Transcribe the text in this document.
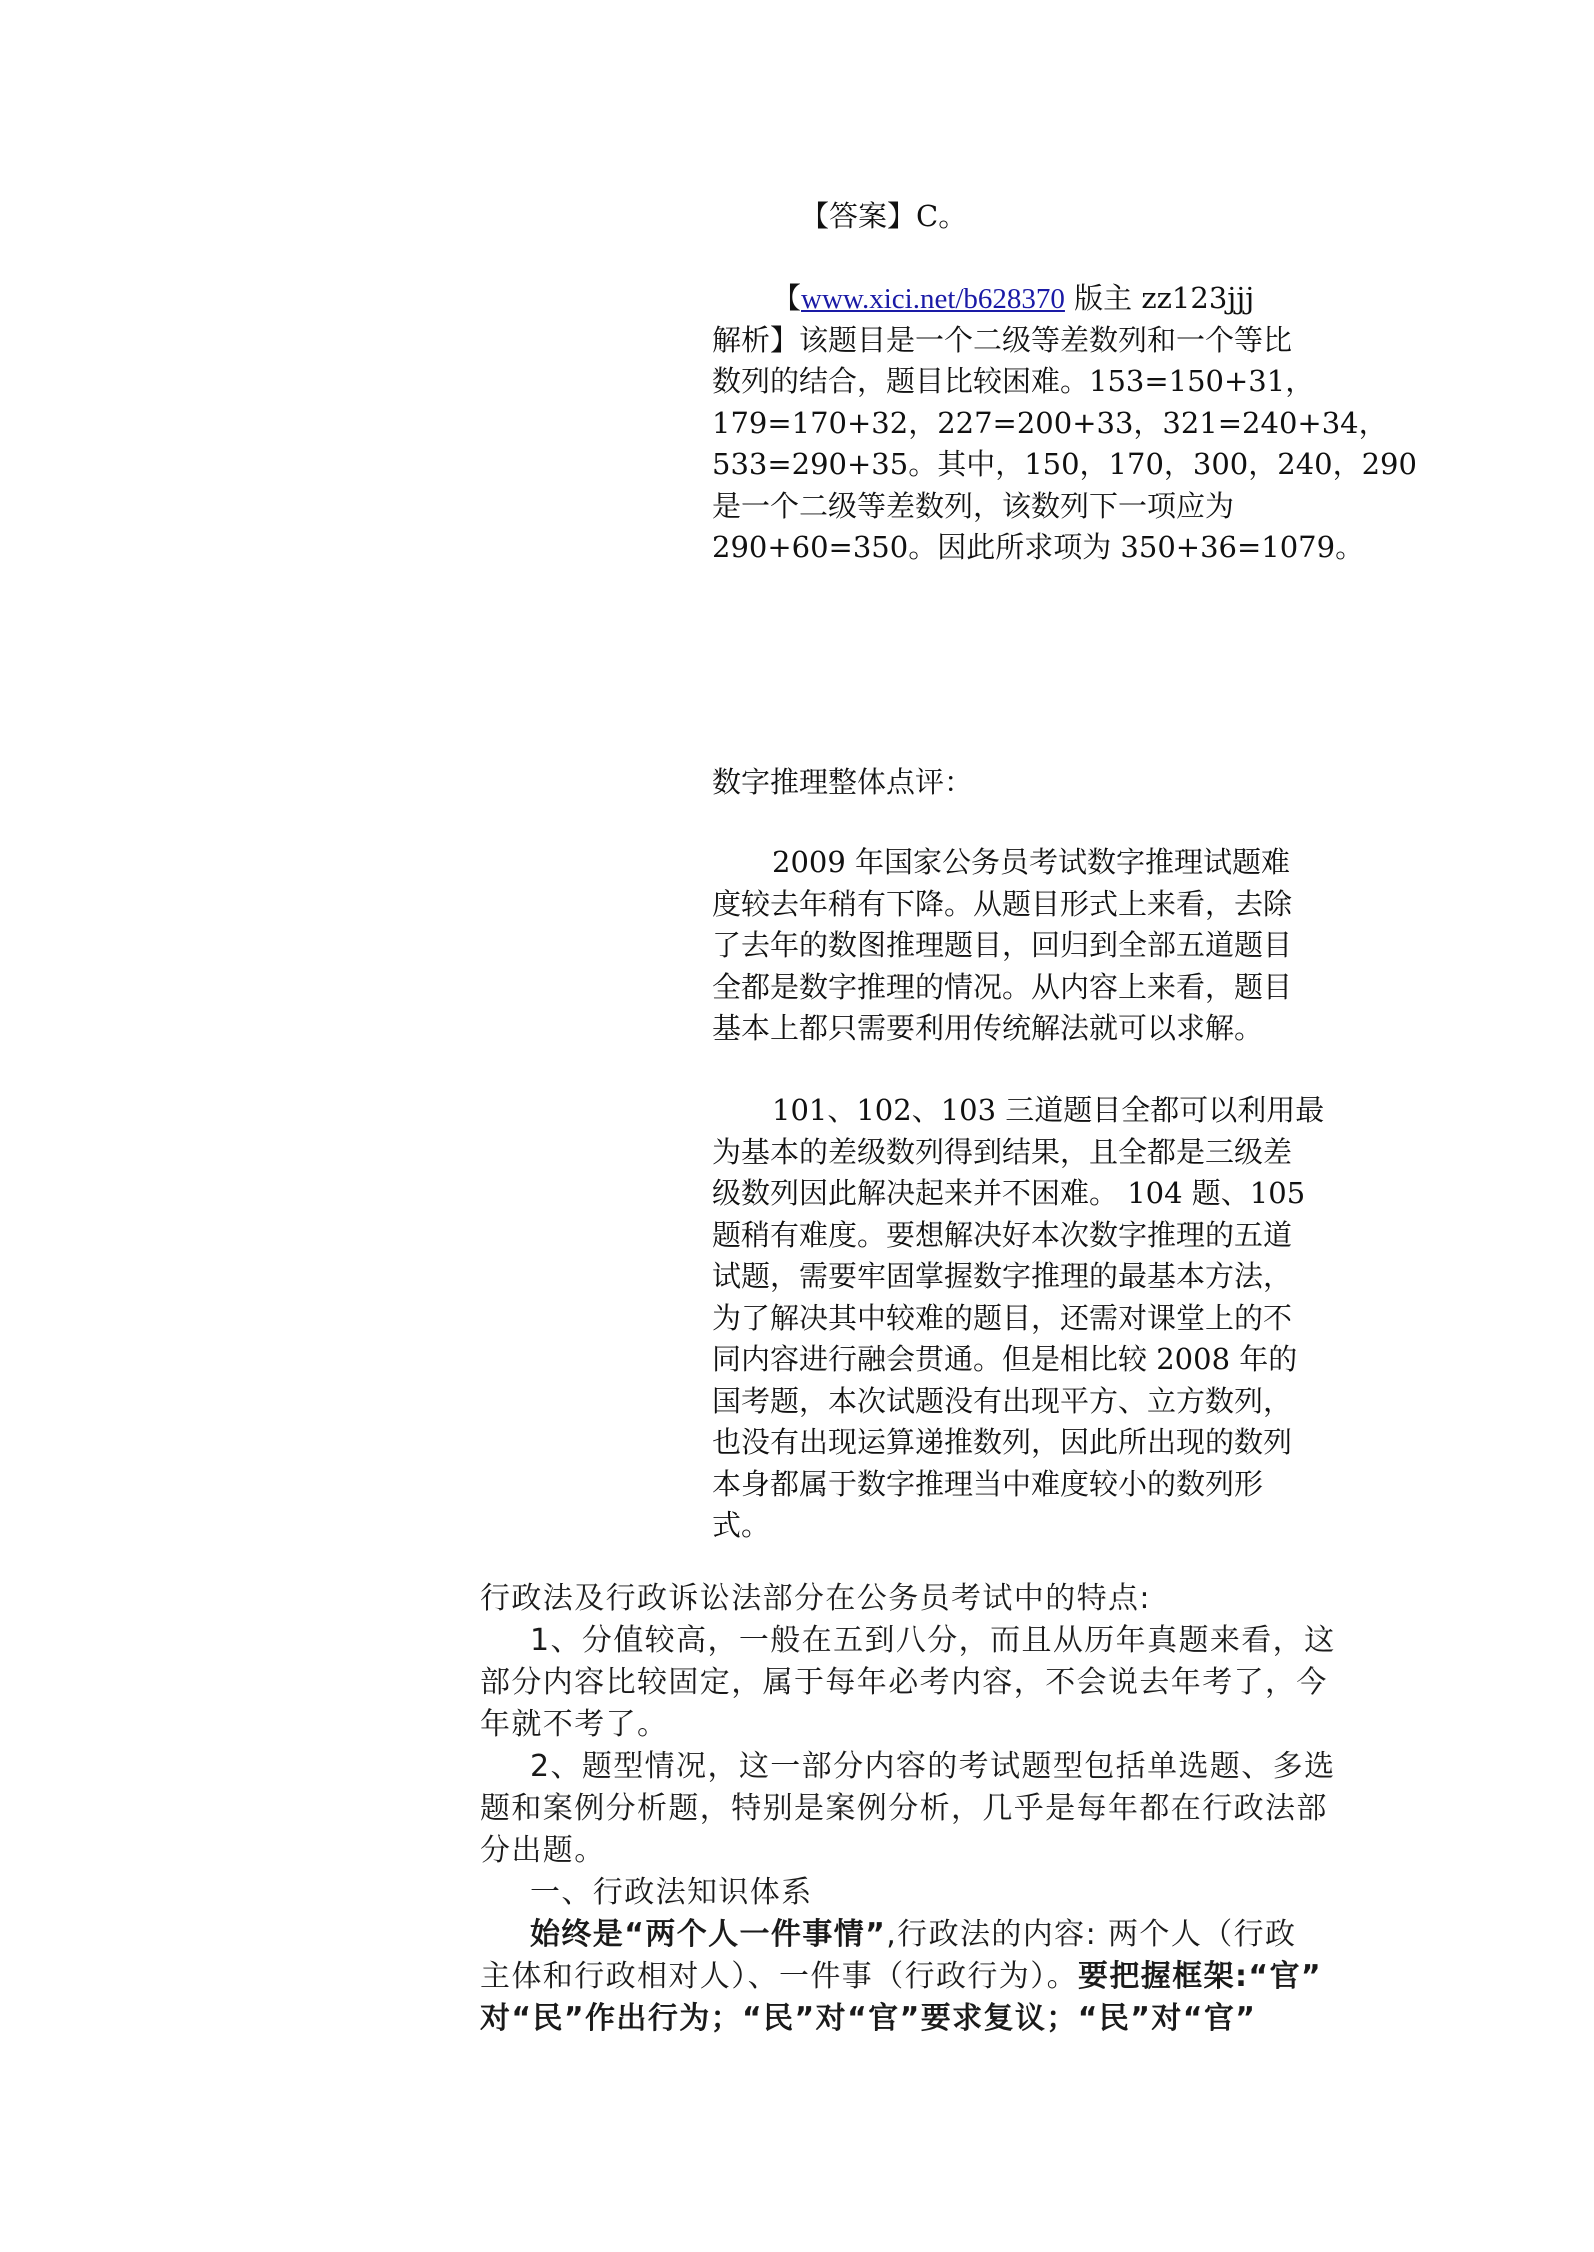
【答案】C。
【www.xici.net/b628370 版主 zz123jjj
解析】该题目是一个二级等差数列和一个等比
数列的结合，题目比较困难。153=150+31，
179=170+32，227=200+33，321=240+34，
533=290+35。其中，150，170，300，240，290
是一个二级等差数列，该数列下一项应为
290+60=350。因此所求项为 350+36=1079。
数字推理整体点评：
2009 年国家公务员考试数字推理试题难
度较去年稍有下降。从题目形式上来看，去除
了去年的数图推理题目，回归到全部五道题目
全都是数字推理的情况。从内容上来看，题目
基本上都只需要利用传统解法就可以求解。
101、102、103 三道题目全都可以利用最
为基本的差级数列得到结果，且全都是三级差
级数列因此解决起来并不困难。 104 题、105
题稍有难度。要想解决好本次数字推理的五道
试题，需要牢固掌握数字推理的最基本方法，
为了解决其中较难的题目，还需对课堂上的不
同内容进行融会贯通。但是相比较 2008 年的
国考题，本次试题没有出现平方、立方数列，
也没有出现运算递推数列，因此所出现的数列
本身都属于数字推理当中难度较小的数列形
式。
行政法及行政诉讼法部分在公务员考试中的特点:
1、分值较高，一般在五到八分，而且从历年真题来看，这
部分内容比较固定，属于每年必考内容，不会说去年考了，今
年就不考了。
2、题型情况，这一部分内容的考试题型包括单选题、多选
题和案例分析题，特别是案例分析，几乎是每年都在行政法部
分出题。
一、行政法知识体系
始终是“两个人一件事情”,行政法的内容: 两个人（行政
主体和行政相对人）、一件事（行政行为）。要把握框架:“官”
对“民”作出行为；“民”对“官”要求复议；“民”对“官”
